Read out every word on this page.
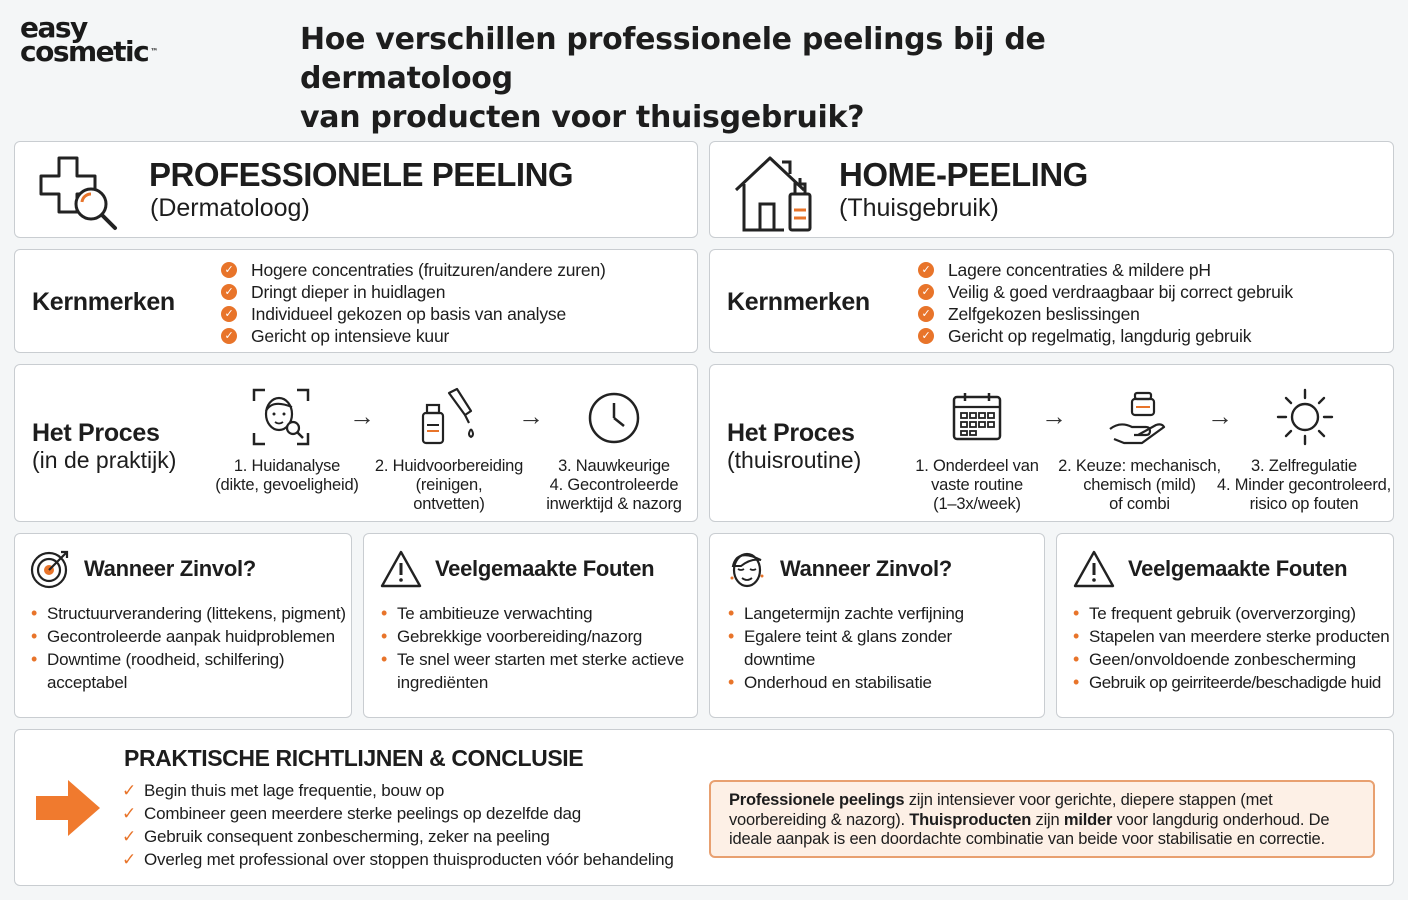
easy
cosmetic ™	Hoe verschillen professionele peelings bij de dermatoloog
van producten voor thuisgebruik?
PROFESSIONELE PEELING
(Dermatoloog)
HOME-PEELING
(Thuisgebruik)
Kernmerken
✓ Hogere concentraties (fruitzuren/andere zuren)
✓ Dringt dieper in huidlagen
✓ Individueel gekozen op basis van analyse
✓ Gericht op intensieve kuur
Kernmerken
✓ Lagere concentraties & mildere pH
✓ Veilig & goed verdraagbaar bij correct gebruik
✓ Zelfgekozen beslissingen
✓ Gericht op regelmatig, langdurig gebruik
Het Proces
(in de praktijk)
→	→
1. Huidanalyse
(dikte, gevoeligheid)
2. Huidvoorbereiding
(reinigen,
ontvetten)
3. Nauwkeurige
4. Gecontroleerde
inwerktijd & nazorg
Het Proces
(thuisroutine)
→	→
1. Onderdeel van
vaste routine
(1–3x/week)
2. Keuze: mechanisch,
chemisch (mild)
of combi
3. Zelfregulatie
4. Minder gecontroleerd,
risico op fouten
Wanneer Zinvol?
• Structuurverandering (littekens, pigment)
• Gecontroleerde aanpak huidproblemen
• Downtime (roodheid, schilfering) acceptabel
Veelgemaakte Fouten
• Te ambitieuze verwachting
• Gebrekkige voorbereiding/nazorg
• Te snel weer starten met sterke actieve ingrediënten
Wanneer Zinvol?
• Langetermijn zachte verfijning
• Egalere teint & glans zonder downtime
• Onderhoud en stabilisatie
Veelgemaakte Fouten
• Te frequent gebruik (oververzorging)
• Stapelen van meerdere sterke producten
• Geen/onvoldoende zonbescherming
• Gebruik op geirriteerde/beschadigde huid
PRAKTISCHE RICHTLIJNEN & CONCLUSIE
✓ Begin thuis met lage frequentie, bouw op
✓ Combineer geen meerdere sterke peelings op dezelfde dag
✓ Gebruik consequent zonbescherming, zeker na peeling
✓ Overleg met professional over stoppen thuisproducten vóór behandeling
Professionele peelings zijn intensiever voor gerichte, diepere stappen (met voorbereiding & nazorg). Thuisproducten zijn milder voor langdurig onderhoud. De ideale aanpak is een doordachte combinatie van beide voor stabilisatie en correctie.
